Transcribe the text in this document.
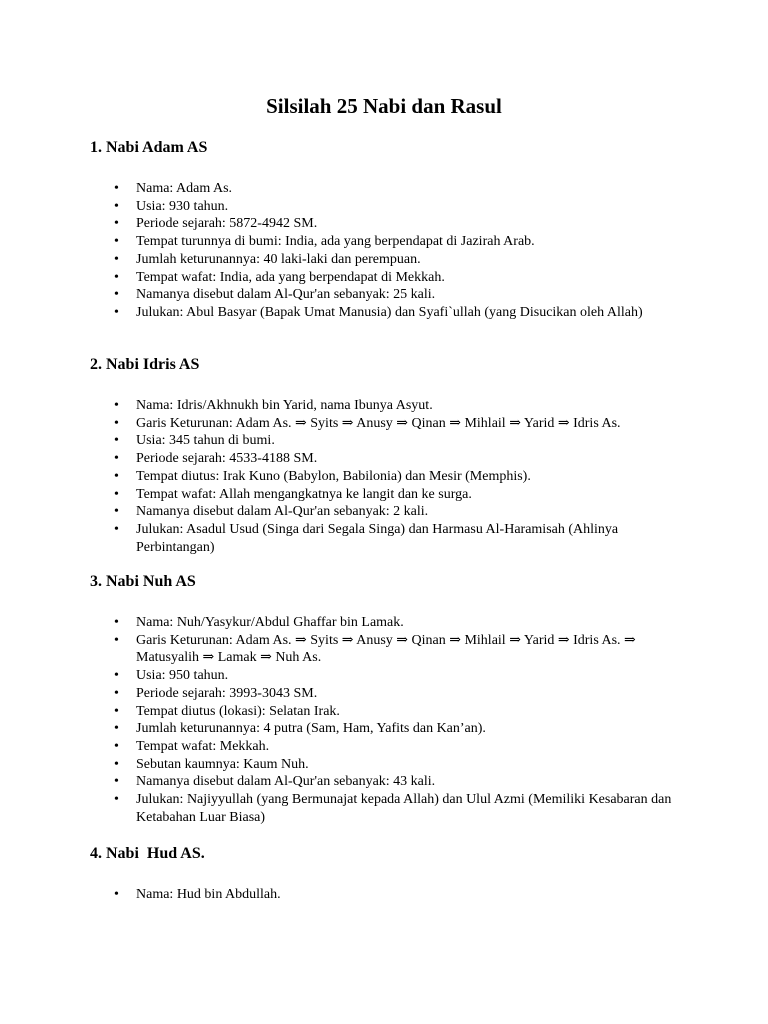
Silsilah 25 Nabi dan Rasul
1. Nabi Adam AS
• Nama: Adam As.
• Usia: 930 tahun.
• Periode sejarah: 5872-4942 SM.
• Tempat turunnya di bumi: India, ada yang berpendapat di Jazirah Arab.
• Jumlah keturunannya: 40 laki-laki dan perempuan.
• Tempat wafat: India, ada yang berpendapat di Mekkah.
• Namanya disebut dalam Al-Qur'an sebanyak: 25 kali.
• Julukan: Abul Basyar (Bapak Umat Manusia) dan Syafi`ullah (yang Disucikan oleh Allah)
2. Nabi Idris AS
• Nama: Idris/Akhnukh bin Yarid, nama Ibunya Asyut.
• Garis Keturunan: Adam As. ⇒ Syits ⇒ Anusy ⇒ Qinan ⇒ Mihlail ⇒ Yarid ⇒ Idris As.
• Usia: 345 tahun di bumi.
• Periode sejarah: 4533-4188 SM.
• Tempat diutus: Irak Kuno (Babylon, Babilonia) dan Mesir (Memphis).
• Tempat wafat: Allah mengangkatnya ke langit dan ke surga.
• Namanya disebut dalam Al-Qur'an sebanyak: 2 kali.
• Julukan: Asadul Usud (Singa dari Segala Singa) dan Harmasu Al-Haramisah (Ahlinya Perbintangan)
3. Nabi Nuh AS
• Nama: Nuh/Yasykur/Abdul Ghaffar bin Lamak.
• Garis Keturunan: Adam As. ⇒ Syits ⇒ Anusy ⇒ Qinan ⇒ Mihlail ⇒ Yarid ⇒ Idris As. ⇒ Matusyalih ⇒ Lamak ⇒ Nuh As.
• Usia: 950 tahun.
• Periode sejarah: 3993-3043 SM.
• Tempat diutus (lokasi): Selatan Irak.
• Jumlah keturunannya: 4 putra (Sam, Ham, Yafits dan Kan’an).
• Tempat wafat: Mekkah.
• Sebutan kaumnya: Kaum Nuh.
• Namanya disebut dalam Al-Qur'an sebanyak: 43 kali.
• Julukan: Najiyyullah (yang Bermunajat kepada Allah) dan Ulul Azmi (Memiliki Kesabaran dan Ketabahan Luar Biasa)
4. Nabi  Hud AS.
• Nama: Hud bin Abdullah.
